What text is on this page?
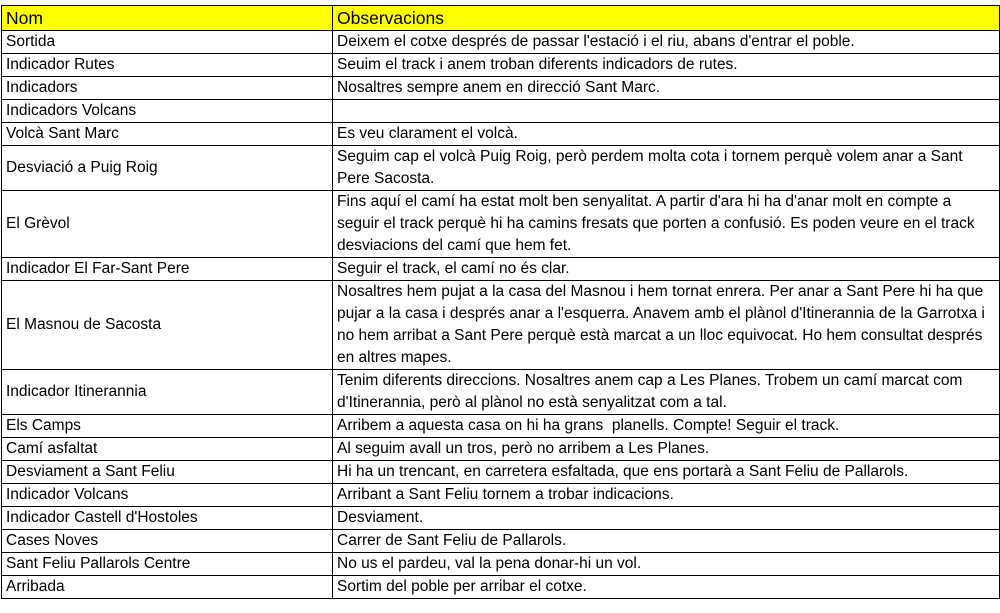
Nom	Observacions
Sortida	Deixem el cotxe després de passar l'estació i el riu, abans d'entrar el poble.
Indicador Rutes	Seuim el track i anem troban diferents indicadors de rutes.
Indicadors	Nosaltres sempre anem en direcció Sant Marc.
Indicadors Volcans	
Volcà Sant Marc	Es veu clarament el volcà.
Desviació a Puig Roig	Seguim cap el volcà Puig Roig, però perdem molta cota i tornem perquè volem anar a Sant Pere Sacosta.
El Grèvol	Fins aquí el camí ha estat molt ben senyalitat. A partir d'ara hi ha d'anar molt en compte a seguir el track perquè hi ha camins fresats que porten a confusió. Es poden veure en el track desviacions del camí que hem fet.
Indicador El Far-Sant Pere	Seguir el track, el camí no és clar.
El Masnou de Sacosta	Nosaltres hem pujat a la casa del Masnou i hem tornat enrera. Per anar a Sant Pere hi ha que pujar a la casa i després anar a l'esquerra. Anavem amb el plànol d'Itinerannia de la Garrotxa i no hem arribat a Sant Pere perquè està marcat a un lloc equivocat. Ho hem consultat després en altres mapes.
Indicador Itinerannia	Tenim diferents direccions. Nosaltres anem cap a Les Planes. Trobem un camí marcat com d'Itinerannia, però al plànol no està senyalitzat com a tal.
Els Camps	Arribem a aquesta casa on hi ha grans  planells. Compte! Seguir el track.
Camí asfaltat	Al seguim avall un tros, però no arribem a Les Planes.
Desviament a Sant Feliu	Hi ha un trencant, en carretera esfaltada, que ens portarà a Sant Feliu de Pallarols.
Indicador Volcans	Arribant a Sant Feliu tornem a trobar indicacions.
Indicador Castell d'Hostoles	Desviament.
Cases Noves	Carrer de Sant Feliu de Pallarols.
Sant Feliu Pallarols Centre	No us el pardeu, val la pena donar-hi un vol.
Arribada	Sortim del poble per arribar el cotxe.
